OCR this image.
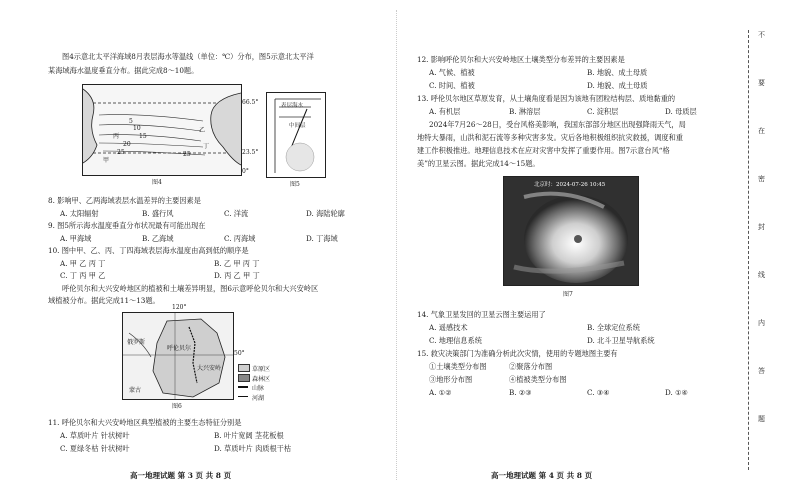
图4示意北太平洋海域8月表层海水等温线（单位：℃）分布，图5示意北太平洋
某海域海水温度垂直分布。据此完成8～10题。
5
10
15
20
25	25
甲
乙
丙
丁
66.5°
23.5°
0°
图4
表层海水
中间层
图5
8. 影响甲、乙两海域表层水温差异的主要因素是
A. 太阳辐射	B. 盛行风	C. 洋流	D. 海陆轮廓
9. 图5所示海水温度垂直分布状况最有可能出现在
A. 甲海域	B. 乙海域	C. 丙海域	D. 丁海域
10. 图中甲、乙、丙、丁四海域表层海水温度由高到低的顺序是
A. 甲 乙 丙 丁	B. 乙 甲 丙 丁
C. 丁 丙 甲 乙	D. 丙 乙 甲 丁
呼伦贝尔和大兴安岭地区的植被和土壤差异明显，图6示意呼伦贝尔和大兴安岭区
域植被分布。据此完成11～13题。
俄罗斯
呼伦贝尔
大兴安岭
蒙古
120°
50°
草原区
森林区
山脉
河湖
图6
11. 呼伦贝尔和大兴安岭地区典型植被的主要生态特征分别是
A. 草质叶片 针状树叶	B. 叶片宽阔 茎花板根
C. 夏绿冬枯 针状树叶	D. 草质叶片 肉质根干枯
高一地理试题 第 3 页 共 8 页
12. 影响呼伦贝尔和大兴安岭地区土壤类型分布差异的主要因素是
A. 气候、植被	B. 地貌、成土母质
C. 时间、植被	D. 地貌、成土母质
13. 呼伦贝尔地区草原发育，从土壤角度看是因为该地有团粒结构层、质地黏重的
A. 有机层	B. 淋溶层	C. 淀积层	D. 母质层
2024年7月26～28日，受台风格美影响，我国东部部分地区出现强降雨天气，局
地特大暴雨，山洪和泥石流等多种灾害多发。灾后各地积极组织抗灾救援，调度和重
建工作积极推进。地理信息技术在应对灾害中发挥了重要作用。图7示意台风“格
美”的卫星云图。据此完成14～15题。
北京时：2024-07-26 10:45
图7
14. 气象卫星发回的卫星云图主要运用了
A. 遥感技术	B. 全球定位系统
C. 地理信息系统	D. 北斗卫星导航系统
15. 救灾决策部门为准确分析此次灾情，使用的专题地图主要有
①土壤类型分布图	②聚落分布图
③地形分布图	④植被类型分布图
A. ①②	B. ②③	C. ③④	D. ①④
高一地理试题 第 4 页 共 8 页
不
要
在
密
封
线
内
答
题
